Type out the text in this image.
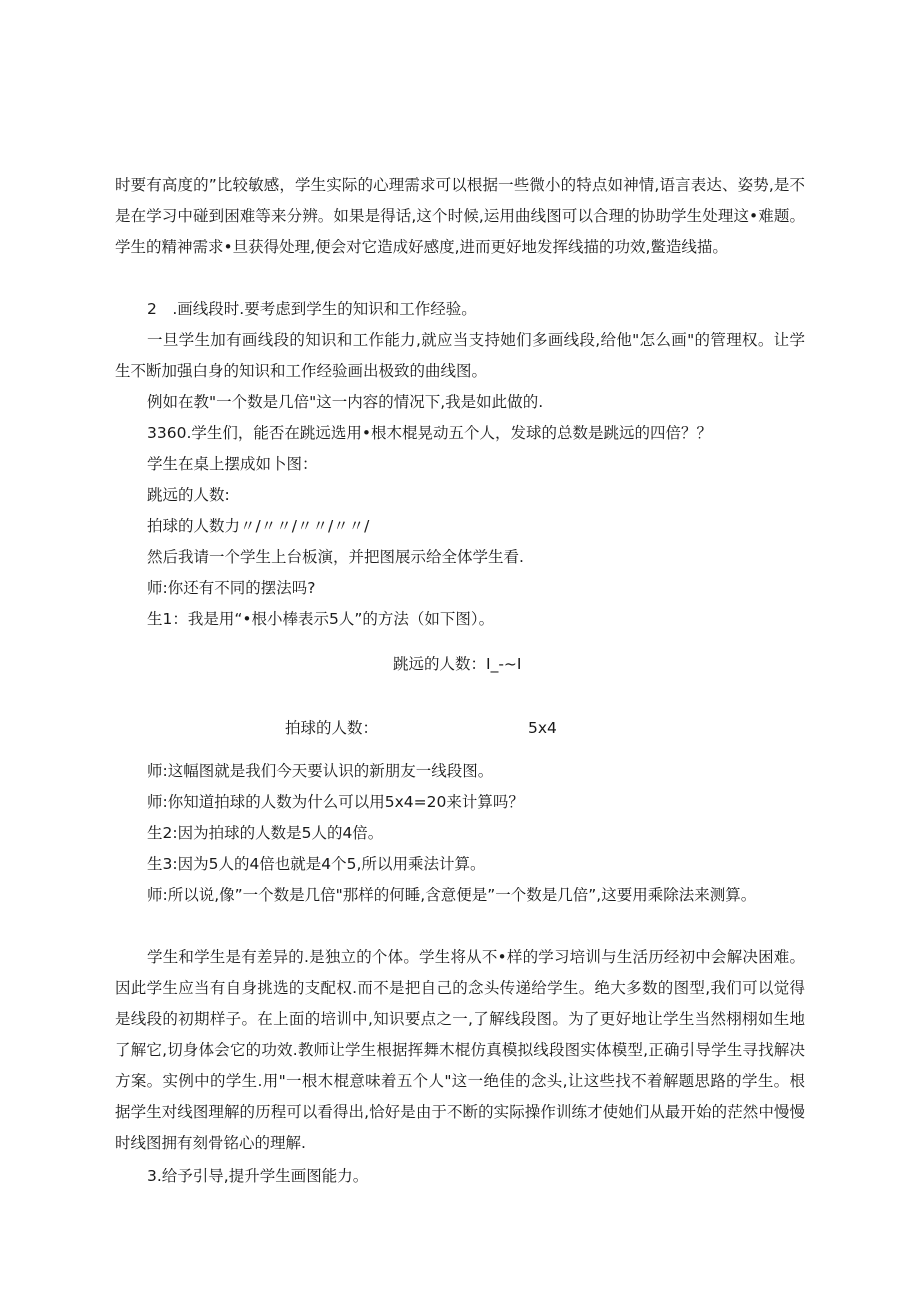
时要有高度的”比较敏感，学生实际的心理需求可以根据一些微小的特点如神情,语言表达、姿势,是不是在学习中碰到困难等来分辨。如果是得话,这个时候,运用曲线图可以合理的协助学生处理这•难题。学生的精神需求•旦获得处理,便会对它造成好感度,进而更好地发挥线描的功效,鳖造线描。

2　.画线段时.要考虑到学生的知识和工作经验。

一旦学生加有画线段的知识和工作能力,就应当支持她们多画线段,给他"怎么画"的管理权。让学生不断加强白身的知识和工作经验画出极致的曲线图。

例如在教"一个数是几倍"这一内容的情况下,我是如此做的.

3360.学生们，能否在跳远选用•根木棍晃动五个人，发球的总数是跳远的四倍？？

学生在桌上摆成如卜图：

跳远的人数:

拍球的人数力〃/〃〃/〃〃/〃〃/

然后我请一个学生上台板演，并把图展示给全体学生看.

师:你还有不同的摆法吗?

生1：我是用“•根小棒表示5人”的方法（如下图）。

跳远的人数：I_-~I
拍球的人数：	5x4

师:这幅图就是我们今天要认识的新朋友一线段图。

师:你知道拍球的人数为什么可以用5x4=20来计算吗？

生2:因为拍球的人数是5人的4倍。

生3:因为5人的4倍也就是4个5,所以用乘法计算。

师:所以说,像”一个数是几倍"那样的何睡,含意便是”一个数是几倍”,这要用乘除法来测算。

学生和学生是有差异的.是独立的个体。学生将从不•样的学习培训与生活历经初中会解决困难。因此学生应当有自身挑选的支配权.而不是把自己的念头传递给学生。绝大多数的图型,我们可以觉得是线段的初期样子。在上面的培训中,知识要点之一,了解线段图。为了更好地让学生当然栩栩如生地了解它,切身体会它的功效.教师让学生根据挥舞木棍仿真模拟线段图实体模型,正确引导学生寻找解决方案。实例中的学生.用"一根木棍意味着五个人"这一绝佳的念头,让这些找不着解题思路的学生。根据学生对线图理解的历程可以看得出,恰好是由于不断的实际操作训练才使她们从最开始的茫然中慢慢时线图拥有刻骨铭心的理解.

3.给予引导,提升学生画图能力。
